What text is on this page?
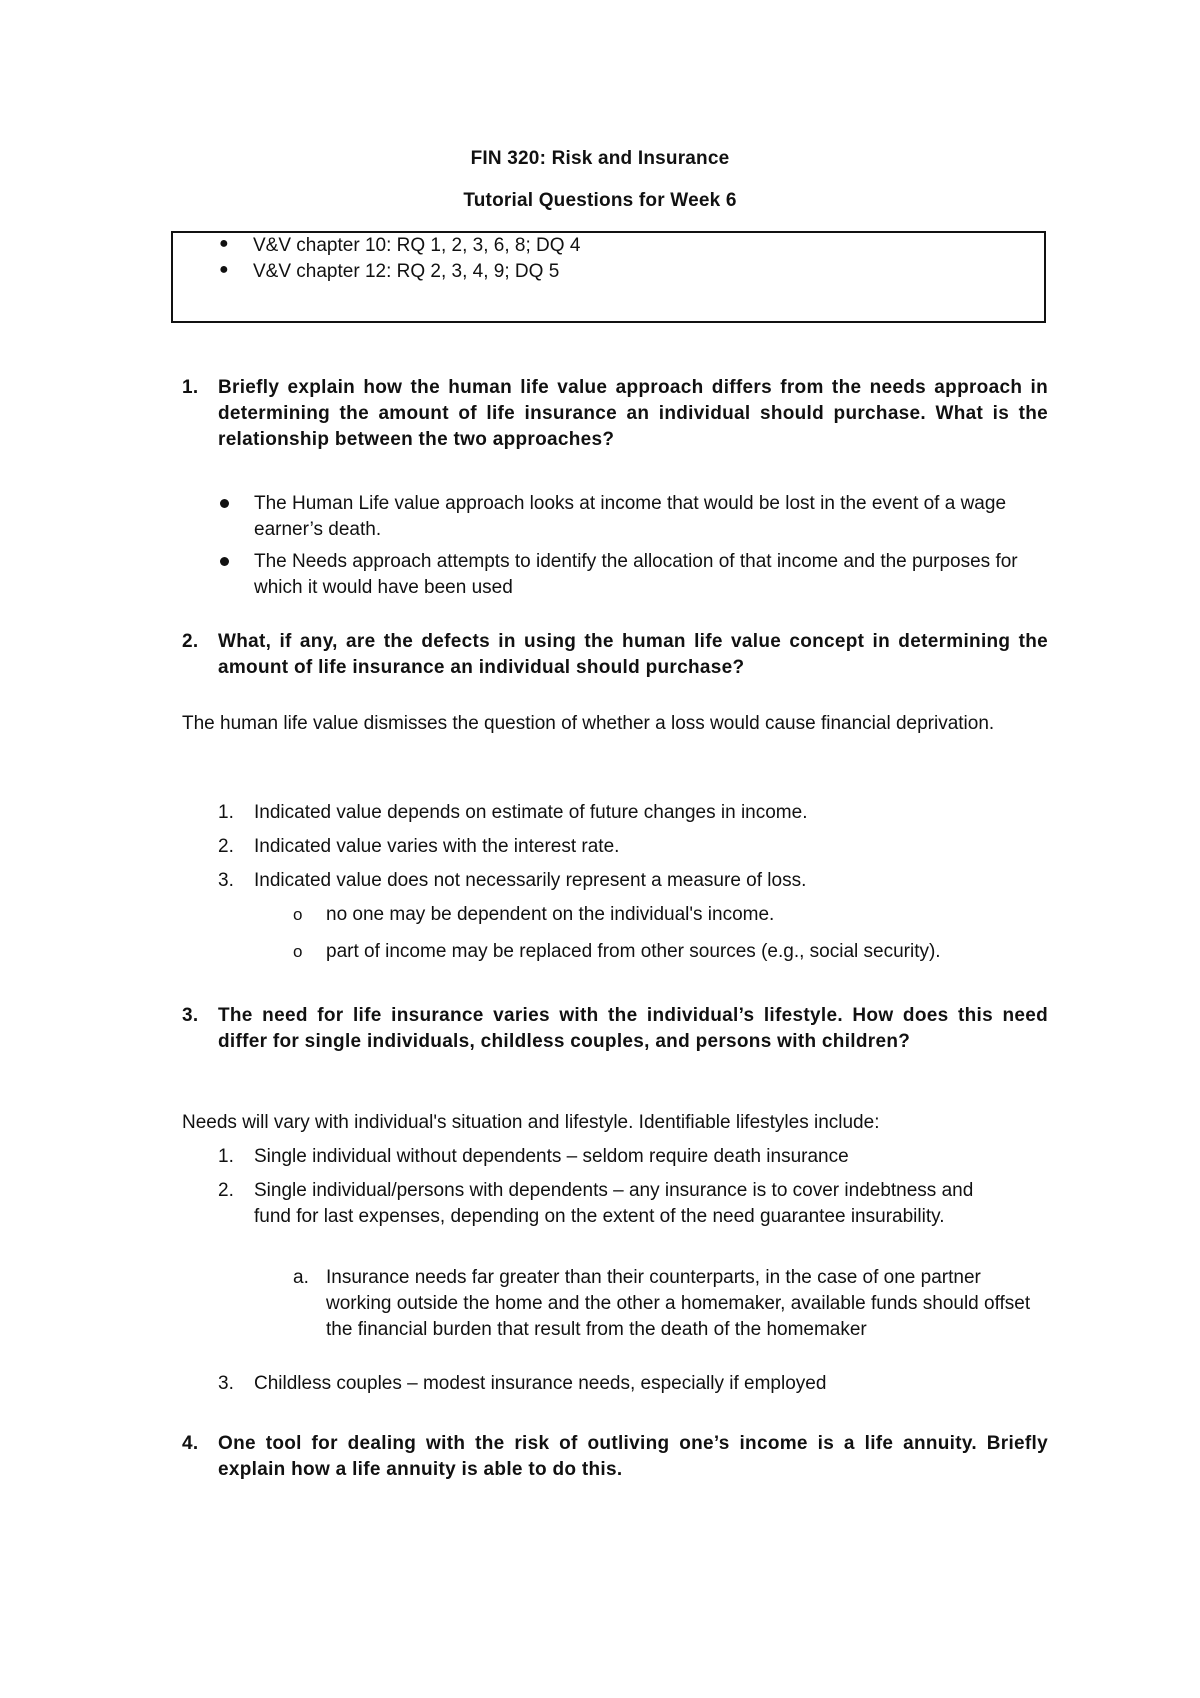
FIN 320: Risk and Insurance
Tutorial Questions for Week 6
● V&V chapter 10: RQ 1, 2, 3, 6, 8; DQ 4
● V&V chapter 12: RQ 2, 3, 4, 9; DQ 5
1. Briefly explain how the human life value approach differs from the needs approach in determining the amount of life insurance an individual should purchase. What is the relationship between the two approaches?
The Human Life value approach looks at income that would be lost in the event of a wage earner’s death.
The Needs approach attempts to identify the allocation of that income and the purposes for which it would have been used
2. What, if any, are the defects in using the human life value concept in determining the amount of life insurance an individual should purchase?
The human life value dismisses the question of whether a loss would cause financial deprivation.
1. Indicated value depends on estimate of future changes in income.
2. Indicated value varies with the interest rate.
3. Indicated value does not necessarily represent a measure of loss.
o no one may be dependent on the individual's income.
o part of income may be replaced from other sources (e.g., social security).
3. The need for life insurance varies with the individual’s lifestyle. How does this need differ for single individuals, childless couples, and persons with children?
Needs will vary with individual's situation and lifestyle. Identifiable lifestyles include:
1. Single individual without dependents – seldom require death insurance
2. Single individual/persons with dependents – any insurance is to cover indebtness and fund for last expenses, depending on the extent of the need guarantee insurability.
a. Insurance needs far greater than their counterparts, in the case of one partner working outside the home and the other a homemaker, available funds should offset the financial burden that result from the death of the homemaker
3. Childless couples – modest insurance needs, especially if employed
4. One tool for dealing with the risk of outliving one’s income is a life annuity. Briefly explain how a life annuity is able to do this.
